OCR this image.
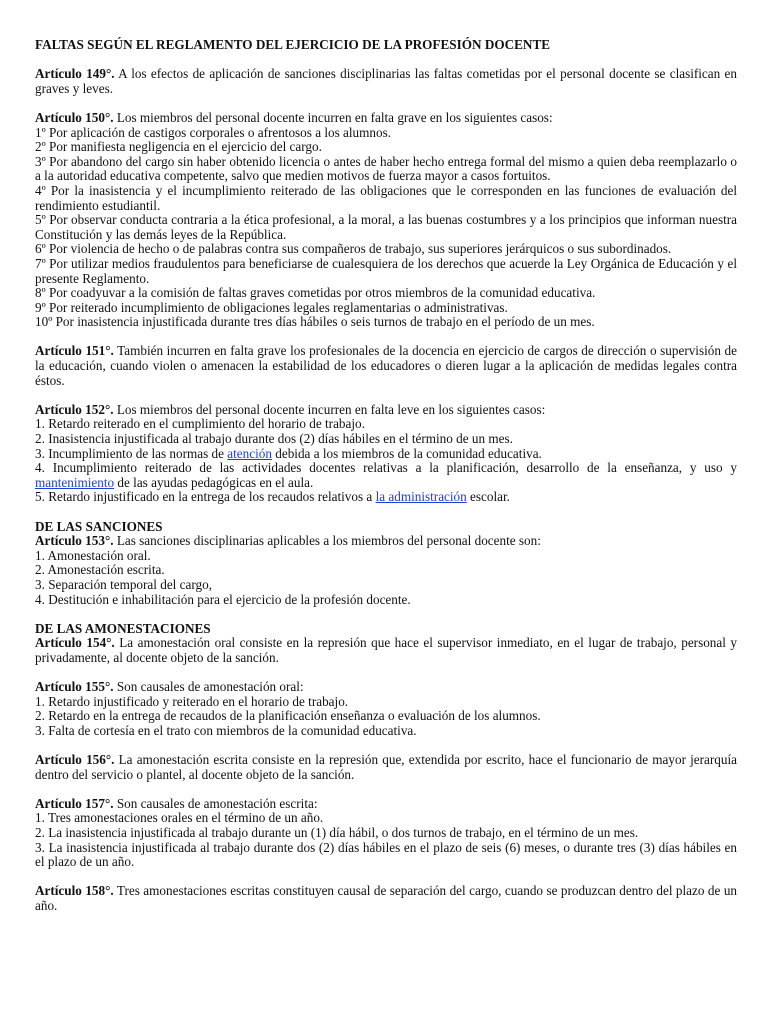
FALTAS SEGÚN EL REGLAMENTO DEL EJERCICIO DE LA PROFESIÓN DOCENTE
Artículo 149°. A los efectos de aplicación de sanciones disciplinarias las faltas cometidas por el personal docente se clasifican en graves y leves.
Artículo 150°. Los miembros del personal docente incurren en falta grave en los siguientes casos:
1º Por aplicación de castigos corporales o afrentosos a los alumnos.
2º Por manifiesta negligencia en el ejercicio del cargo.
3º Por abandono del cargo sin haber obtenido licencia o antes de haber hecho entrega formal del mismo a quien deba reemplazarlo o a la autoridad educativa competente, salvo que medien motivos de fuerza mayor a casos fortuitos.
4º Por la inasistencia y el incumplimiento reiterado de las obligaciones que le corresponden en las funciones de evaluación del rendimiento estudiantil.
5º Por observar conducta contraria a la ética profesional, a la moral, a las buenas costumbres y a los principios que informan nuestra Constitución y las demás leyes de la República.
6º Por violencia de hecho o de palabras contra sus compañeros de trabajo, sus superiores jerárquicos o sus subordinados.
7º Por utilizar medios fraudulentos para beneficiarse de cualesquiera de los derechos que acuerde la Ley Orgánica de Educación y el presente Reglamento.
8º Por coadyuvar a la comisión de faltas graves cometidas por otros miembros de la comunidad educativa.
9º Por reiterado incumplimiento de obligaciones legales reglamentarias o administrativas.
10º Por inasistencia injustificada durante tres días hábiles o seis turnos de trabajo en el período de un mes.
Artículo 151°. También incurren en falta grave los profesionales de la docencia en ejercicio de cargos de dirección o supervisión de la educación, cuando violen o amenacen la estabilidad de los educadores o dieren lugar a la aplicación de medidas legales contra éstos.
Artículo 152°. Los miembros del personal docente incurren en falta leve en los siguientes casos:
1. Retardo reiterado en el cumplimiento del horario de trabajo.
2. Inasistencia injustificada al trabajo durante dos (2) días hábiles en el término de un mes.
3. Incumplimiento de las normas de atención debida a los miembros de la comunidad educativa.
4. Incumplimiento reiterado de las actividades docentes relativas a la planificación, desarrollo de la enseñanza, y uso y mantenimiento de las ayudas pedagógicas en el aula.
5. Retardo injustificado en la entrega de los recaudos relativos a la administración escolar.
DE LAS SANCIONES
Artículo 153°. Las sanciones disciplinarias aplicables a los miembros del personal docente son:
1. Amonestación oral.
2. Amonestación escrita.
3. Separación temporal del cargo,
4. Destitución e inhabilitación para el ejercicio de la profesión docente.
DE LAS AMONESTACIONES
Artículo 154°. La amonestación oral consiste en la represión que hace el supervisor inmediato, en el lugar de trabajo, personal y privadamente, al docente objeto de la sanción.
Artículo 155°. Son causales de amonestación oral:
1. Retardo injustificado y reiterado en el horario de trabajo.
2. Retardo en la entrega de recaudos de la planificación enseñanza o evaluación de los alumnos.
3. Falta de cortesía en el trato con miembros de la comunidad educativa.
Artículo 156°. La amonestación escrita consiste en la represión que, extendida por escrito, hace el funcionario de mayor jerarquía dentro del servicio o plantel, al docente objeto de la sanción.
Artículo 157°. Son causales de amonestación escrita:
1. Tres amonestaciones orales en el término de un año.
2. La inasistencia injustificada al trabajo durante un (1) día hábil, o dos turnos de trabajo, en el término de un mes.
3. La inasistencia injustificada al trabajo durante dos (2) días hábiles en el plazo de seis (6) meses, o durante tres (3) días hábiles en el plazo de un año.
Artículo 158°. Tres amonestaciones escritas constituyen causal de separación del cargo, cuando se produzcan dentro del plazo de un año.
